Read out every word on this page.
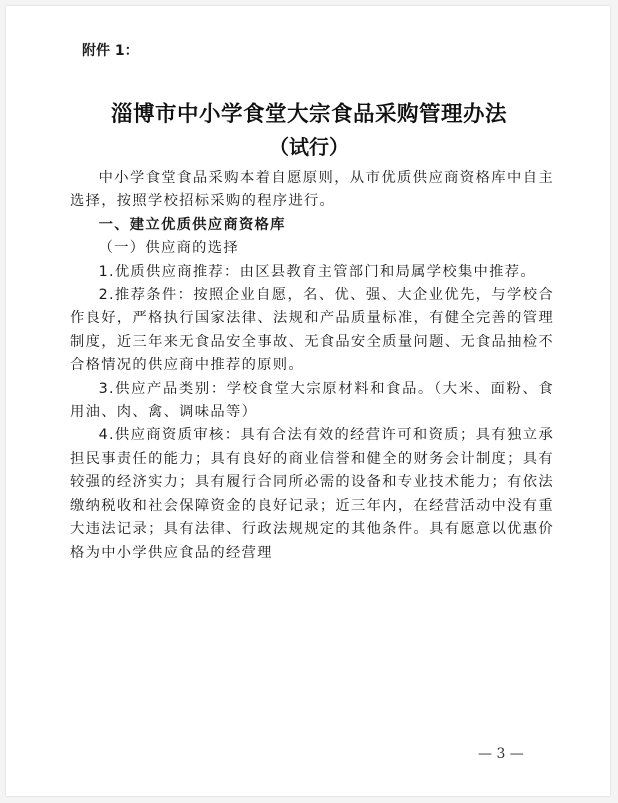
附件 1：
淄博市中小学食堂大宗食品采购管理办法
（试行）

中小学食堂食品采购本着自愿原则，从市优质供应商资格库中自主选择，按照学校招标采购的程序进行。

一、建立优质供应商资格库

（一）供应商的选择

1.优质供应商推荐：由区县教育主管部门和局属学校集中推荐。

2.推荐条件：按照企业自愿，名、优、强、大企业优先，与学校合作良好，严格执行国家法律、法规和产品质量标准，有健全完善的管理制度，近三年来无食品安全事故、无食品安全质量问题、无食品抽检不合格情况的供应商中推荐的原则。

3.供应产品类别：学校食堂大宗原材料和食品。（大米、面粉、食用油、肉、禽、调味品等）

4.供应商资质审核：具有合法有效的经营许可和资质；具有独立承担民事责任的能力；具有良好的商业信誉和健全的财务会计制度；具有较强的经济实力；具有履行合同所必需的设备和专业技术能力；有依法缴纳税收和社会保障资金的良好记录；近三年内，在经营活动中没有重大违法记录；具有法律、行政法规规定的其他条件。具有愿意以优惠价格为中小学供应食品的经营理

— 3 —
